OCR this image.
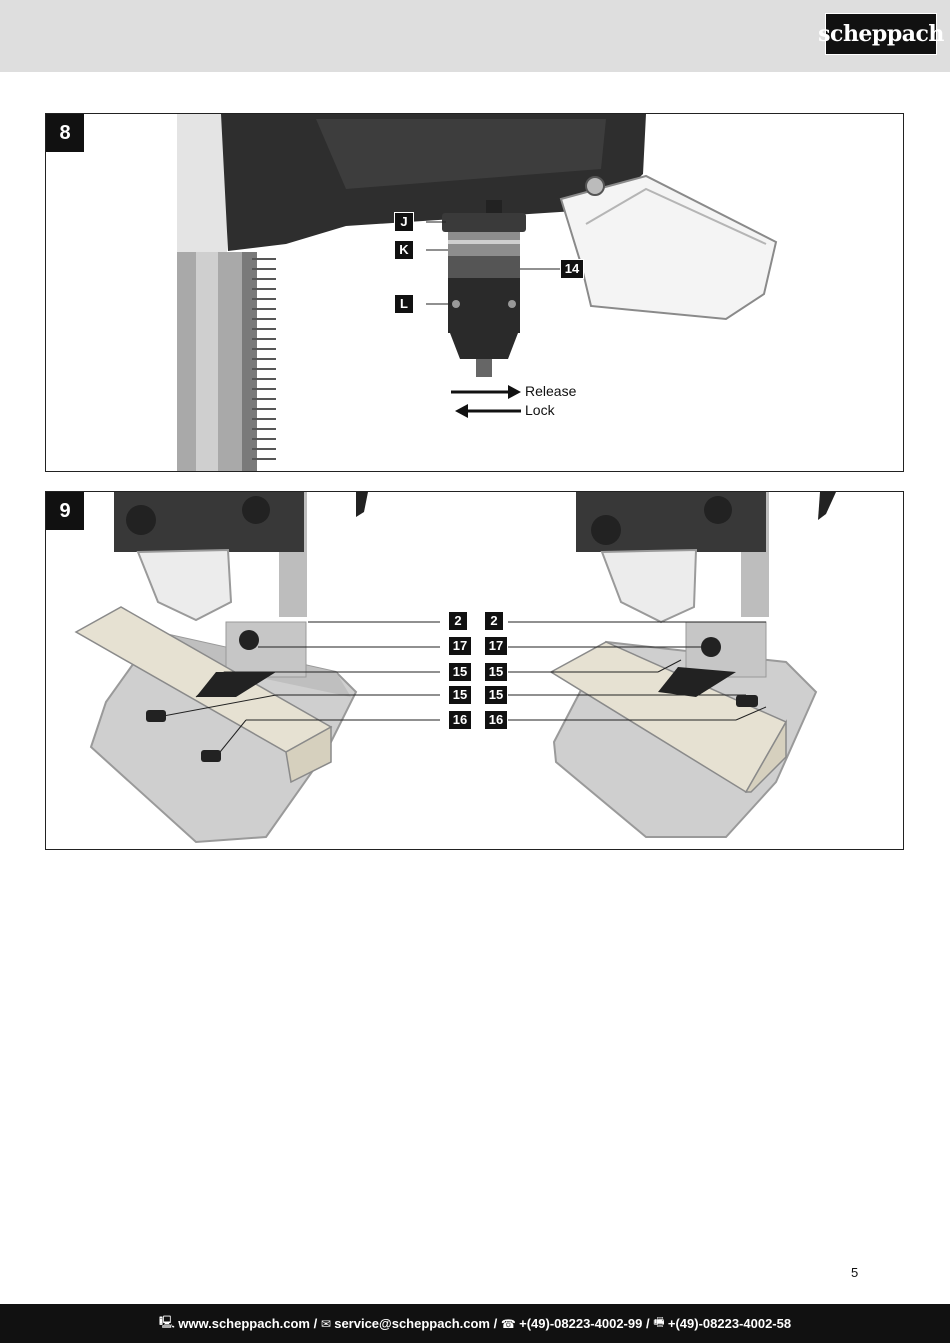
scheppach
8
J
K
L
14
Release
Lock
9
2
17
15
15
16
2
17
15
15
16
5
🖳︎ www.scheppach.com / ✉︎ service@scheppach.com / ☎︎ +(49)-08223-4002-99 / 🖷︎ +(49)-08223-4002-58
